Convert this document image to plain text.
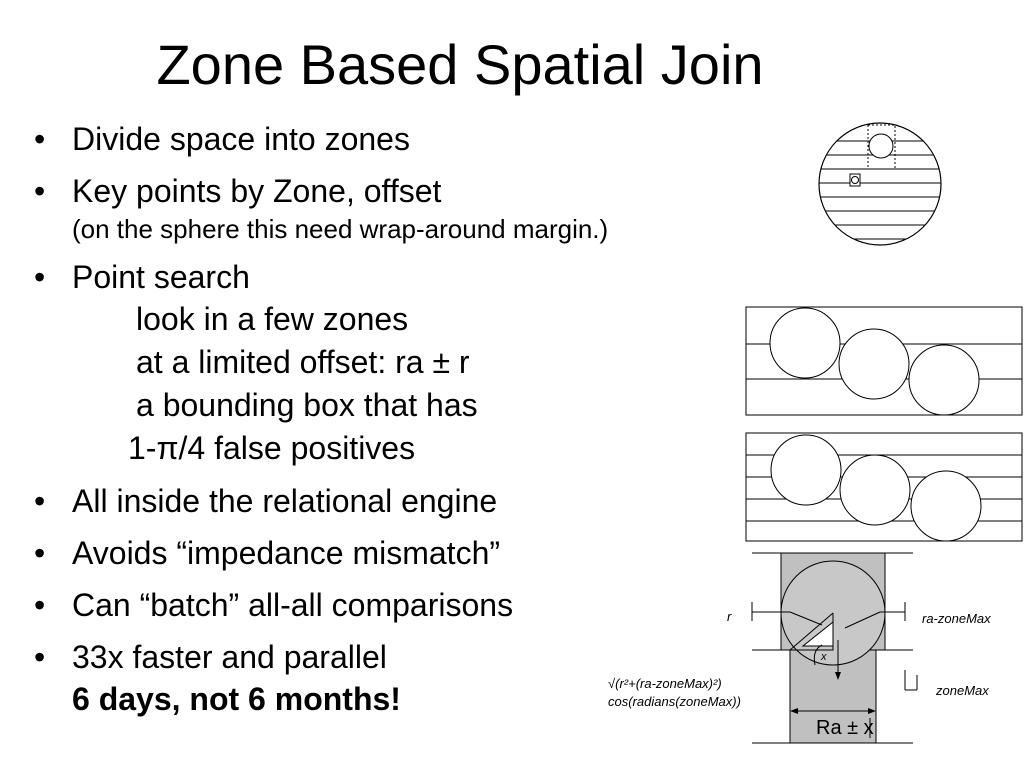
Zone Based Spatial Join
• Divide space into zones
• Key points by Zone, offset
(on the sphere this need wrap-around margin.)
• Point search
look in a few zones
at a limited offset: ra ± r
a bounding box that has
1-π/4 false positives
• All inside the relational engine
• Avoids “impedance mismatch”
• Can “batch” all-all comparisons
• 33x faster and parallel
6 days, not 6 months!
r	ra-zoneMax
√(r²+(ra-zoneMax)²)
cos(radians(zoneMax))
zoneMax
x
Ra ± x
